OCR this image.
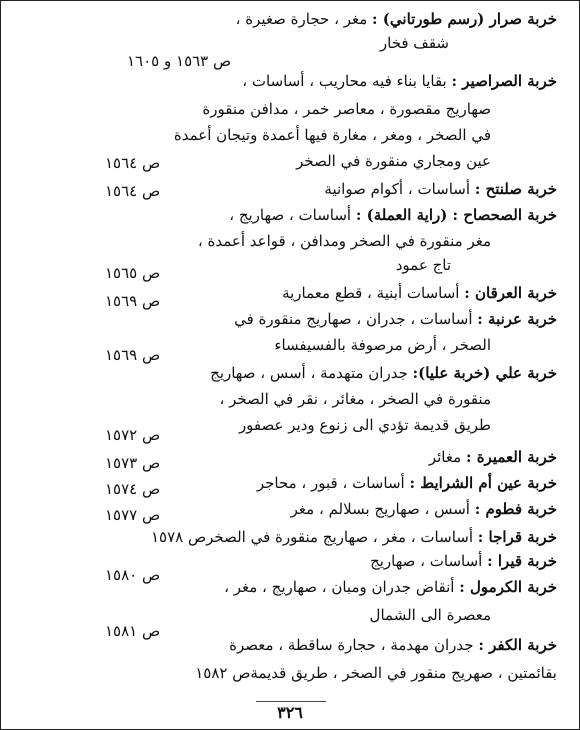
خربة صرار (رسم طورتاني) : مغر ، حجارة صغيرة ،
شقف فخار
ص ١٥٦٣ و ١٦٠٥
خربة الصراصير : بقايا بناء فيه محاريب ، أساسات ،
صهاريج مقصورة ، معاصر خمر ، مدافن منقورة
في الصخر ، ومغر ، مغارة فيها أعمدة وتيجان أعمدة
عين ومجاري منقورة في الصخر
ص ١٥٦٤
خربة صلنتح : أساسات ، أكوام صوانية
ص ١٥٦٤
خربة الصحصاح : (راية العملة) : أساسات ، صهاريج ،
مغر منقورة في الصخر ومدافن ، قواعد أعمدة ،
تاج عمود
ص ١٥٦٥
خربة العرقان : أساسات أبنية ، قطع معمارية
ص ١٥٦٩
خربة عرنبة : أساسات ، جدران ، صهاريج منقورة في
الصخر ، أرض مرصوفة بالفسيفساء
ص ١٥٦٩
خربة علي (خربة عليا): جدران متهدمة ، أسس ، صهاريج
منقورة في الصخر ، مغائر ، نقر في الصخر ،
طريق قديمة تؤدي الى زنوع ودير عصفور
ص ١٥٧٢
خربة العميرة : مغائر
ص ١٥٧٣
خربة عين أم الشرايط : أساسات ، قبور ، محاجر
ص ١٥٧٤
خربة فطوم : أسس ، صهاريج بسلالم ، مغر
ص ١٥٧٧
خربة قراجا : أساسات ، مغر ، صهاريج منقورة في الصخرص ١٥٧٨
خربة قيرا : أساسات ، صهاريج
ص ١٥٨٠
خربة الكرمول : أنقاض جدران ومبان ، صهاريج ، مغر ،
معصرة الى الشمال
ص ١٥٨١
خربة الكفر : جدران مهدمة ، حجارة ساقطة ، معصرة
بقائمتين ، صهريج منقور في الصخر ، طريق قديمةص ١٥٨٢
٣٢٦
